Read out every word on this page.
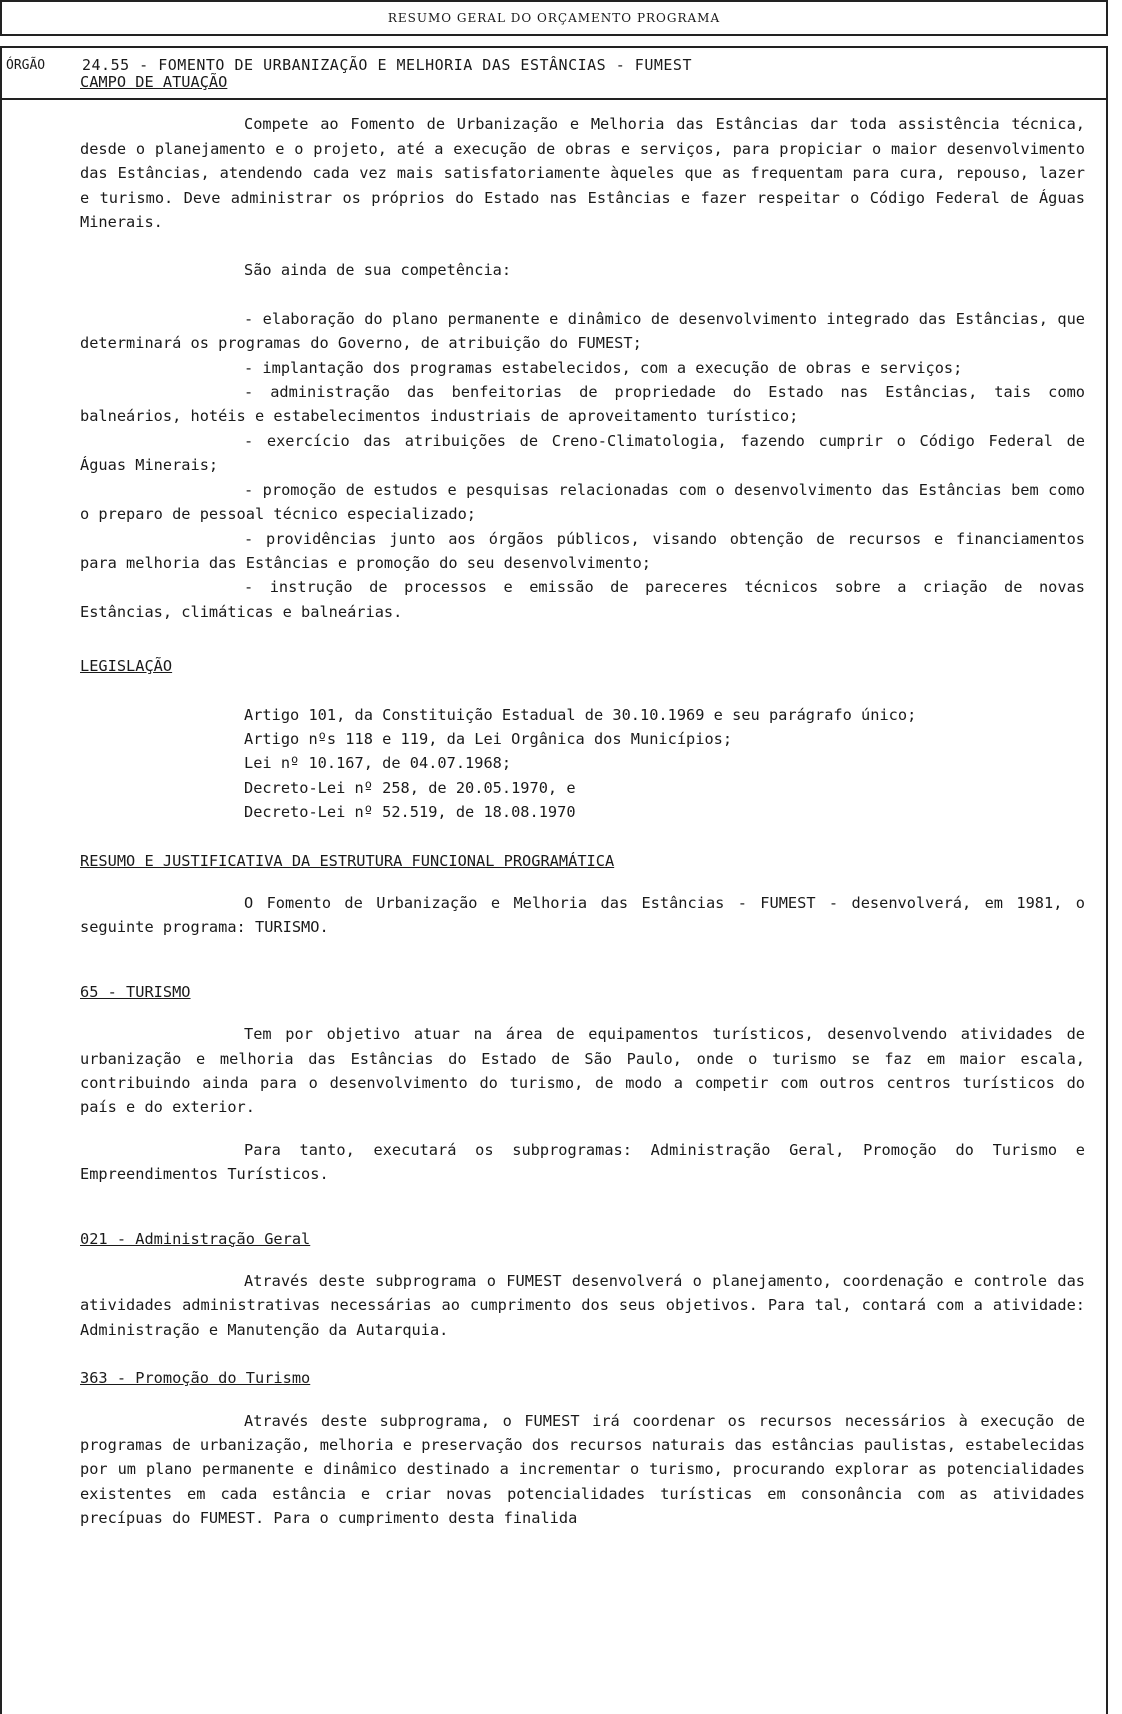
RESUMO GERAL DO ORÇAMENTO PROGRAMA
ÓRGÃO 24.55 - FOMENTO DE URBANIZAÇÃO E MELHORIA DAS ESTÂNCIAS - FUMEST

CAMPO DE ATUAÇÃO

Compete ao Fomento de Urbanização e Melhoria das Estâncias dar toda assistência técnica, desde o planejamento e o projeto, até a execução de obras e serviços, para propiciar o maior desenvolvimento das Estâncias, atendendo cada vez mais satisfatoriamente àqueles que as frequentam para cura, repouso, lazer e turismo. Deve administrar os próprios do Estado nas Estâncias e fazer respeitar o Código Federal de Águas Minerais.

São ainda de sua competência:

- elaboração do plano permanente e dinâmico de desenvolvimento integrado das Estâncias, que determinará os programas do Governo, de atribuição do FUMEST;

- implantação dos programas estabelecidos, com a execução de obras e serviços;

- administração das benfeitorias de propriedade do Estado nas Estâncias, tais como balneários, hotéis e estabelecimentos industriais de aproveitamento turístico;

- exercício das atribuições de Creno-Climatologia, fazendo cumprir o Código Federal de Águas Minerais;

- promoção de estudos e pesquisas relacionadas com o desenvolvimento das Estâncias bem como o preparo de pessoal técnico especializado;

- providências junto aos órgãos públicos, visando obtenção de recursos e financiamentos para melhoria das Estâncias e promoção do seu desenvolvimento;

- instrução de processos e emissão de pareceres técnicos sobre a criação de novas Estâncias, climáticas e balneárias.

LEGISLAÇÃO

Artigo 101, da Constituição Estadual de 30.10.1969 e seu parágrafo único;

Artigo nºs 118 e 119, da Lei Orgânica dos Municípios;

Lei nº 10.167, de 04.07.1968;

Decreto-Lei nº 258, de 20.05.1970, e

Decreto-Lei nº 52.519, de 18.08.1970

RESUMO E JUSTIFICATIVA DA ESTRUTURA FUNCIONAL PROGRAMÁTICA

O Fomento de Urbanização e Melhoria das Estâncias - FUMEST - desenvolverá, em 1981, o seguinte programa: TURISMO.

65 - TURISMO

Tem por objetivo atuar na área de equipamentos turísticos, desenvolvendo atividades de urbanização e melhoria das Estâncias do Estado de São Paulo, onde o turismo se faz em maior escala, contribuindo ainda para o desenvolvimento do turismo, de modo a competir com outros centros turísticos do país e do exterior.

Para tanto, executará os subprogramas: Administração Geral, Promoção do Turismo e Empreendimentos Turísticos.

021 - Administração Geral

Através deste subprograma o FUMEST desenvolverá o planejamento, coordenação e controle das atividades administrativas necessárias ao cumprimento dos seus objetivos. Para tal, contará com a atividade: Administração e Manutenção da Autarquia.

363 - Promoção do Turismo

Através deste subprograma, o FUMEST irá coordenar os recursos necessários à execução de programas de urbanização, melhoria e preservação dos recursos naturais das estâncias paulistas, estabelecidas por um plano permanente e dinâmico destinado a incrementar o turismo, procurando explorar as potencialidades existentes em cada estância e criar novas potencialidades turísticas em consonância com as atividades precípuas do FUMEST. Para o cumprimento desta finalida
